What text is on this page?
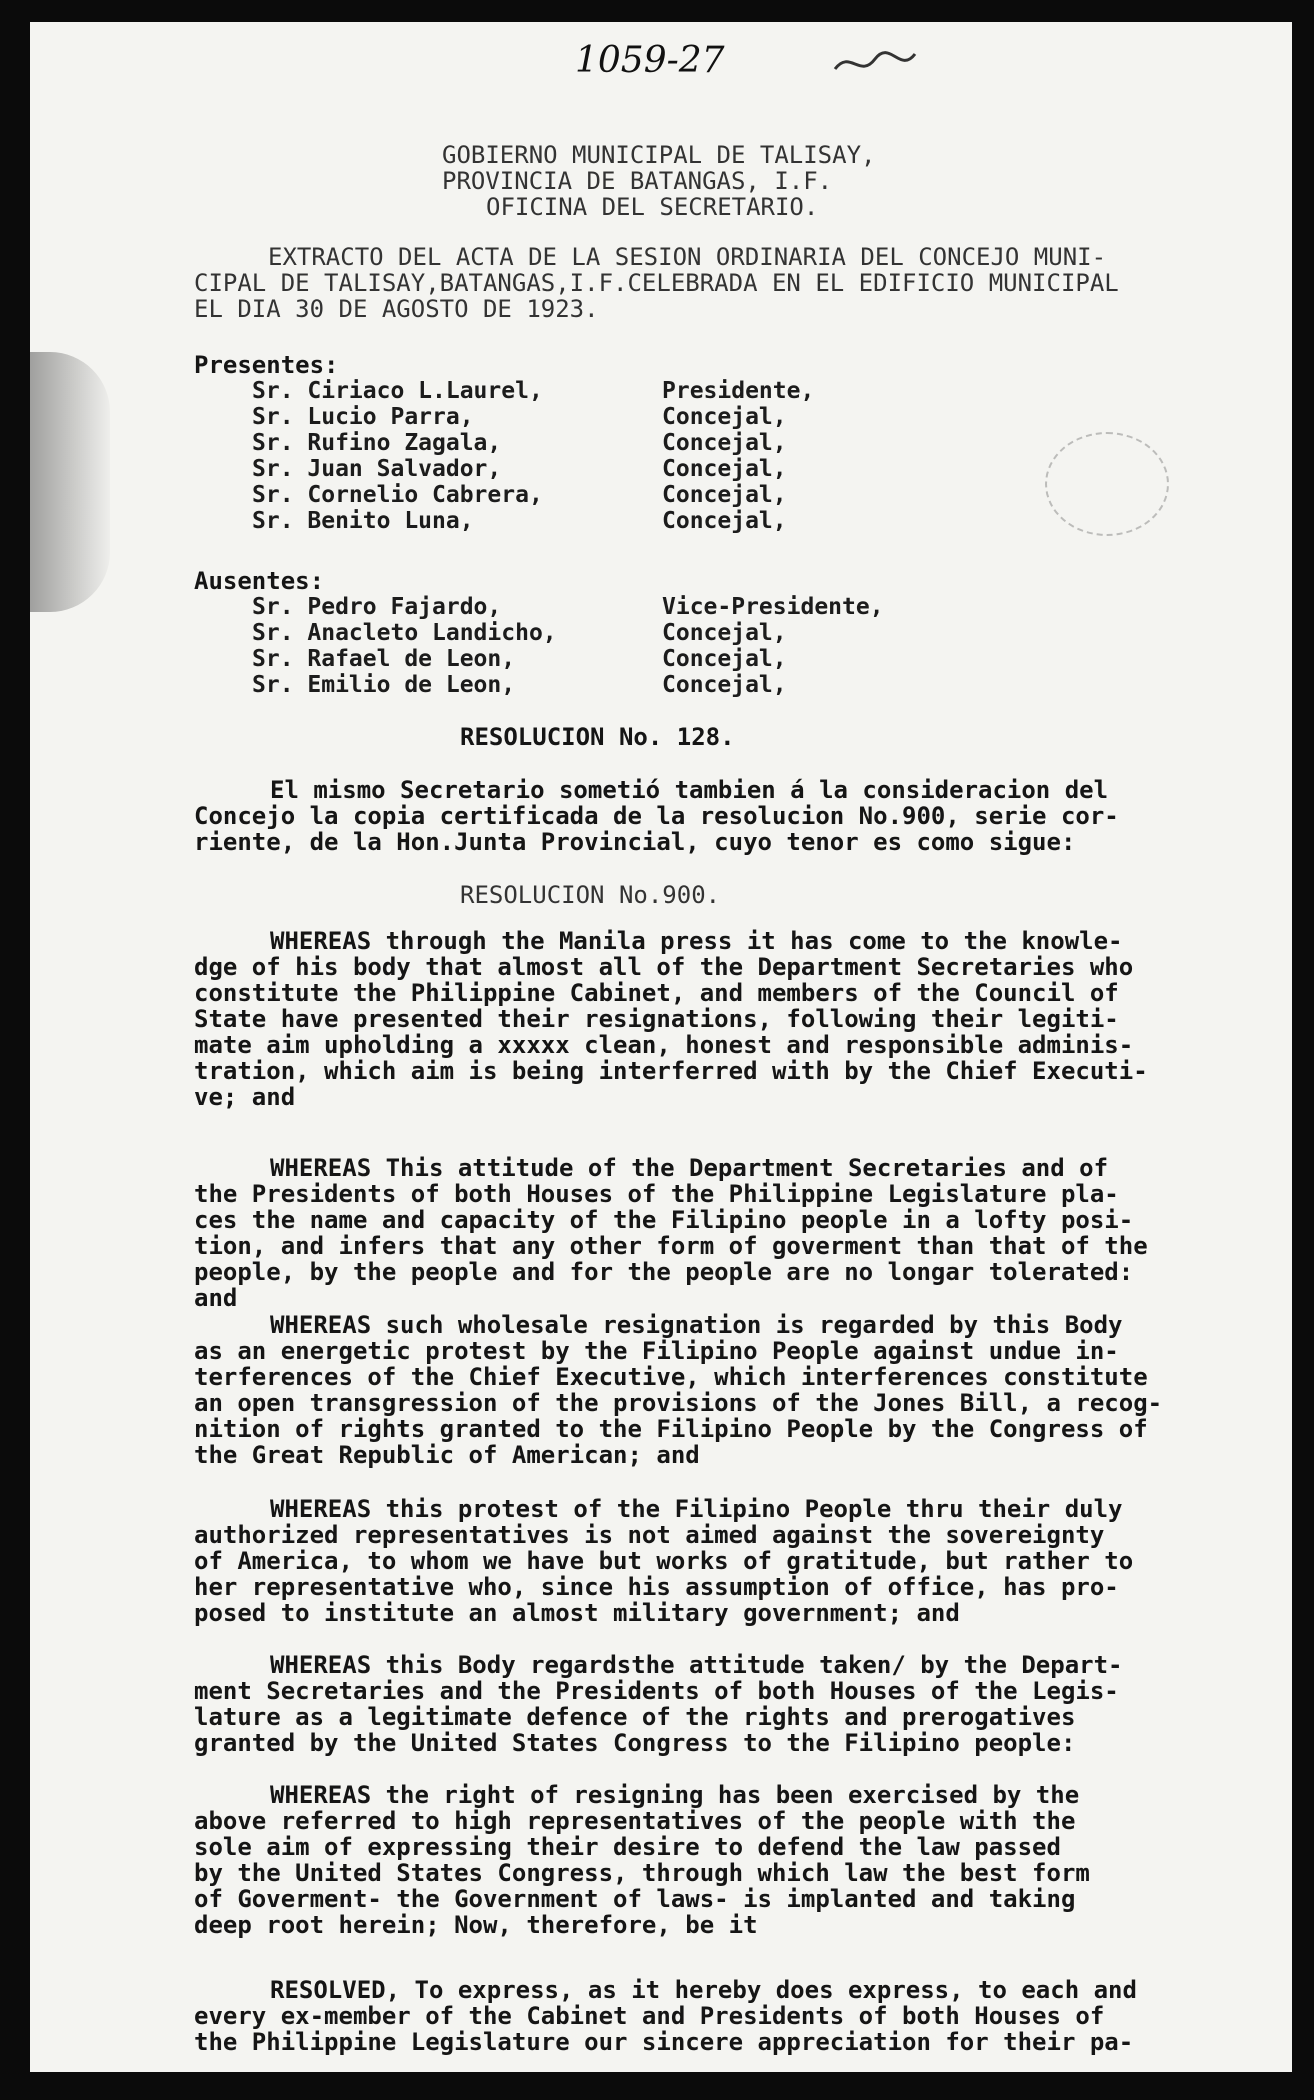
1059-27
GOBIERNO MUNICIPAL DE TALISAY,
PROVINCIA DE BATANGAS, I.F.
OFICINA DEL SECRETARIO.
EXTRACTO DEL ACTA DE LA SESION ORDINARIA DEL CONCEJO MUNI-
CIPAL DE TALISAY,BATANGAS,I.F.CELEBRADA EN EL EDIFICIO MUNICIPAL
EL DIA 30 DE AGOSTO DE 1923.
Presentes:
Sr. Ciriaco L.Laurel,	Presidente,
Sr. Lucio Parra,	Concejal,
Sr. Rufino Zagala,	Concejal,
Sr. Juan Salvador,	Concejal,
Sr. Cornelio Cabrera,	Concejal,
Sr. Benito Luna,	Concejal,
Ausentes:
Sr. Pedro Fajardo,	Vice-Presidente,
Sr. Anacleto Landicho,	Concejal,
Sr. Rafael de Leon,	Concejal,
Sr. Emilio de Leon,	Concejal,
RESOLUCION No. 128.
El mismo Secretario sometió tambien á la consideracion del
Concejo la copia certificada de la resolucion No.900, serie cor-
riente, de la Hon.Junta Provincial, cuyo tenor es como sigue:
RESOLUCION No.900.
WHEREAS through the Manila press it has come to the knowle-
dge of his body that almost all of the Department Secretaries who
constitute the Philippine Cabinet, and members of the Council of
State have presented their resignations, following their legiti-
mate aim upholding a xxxxx clean, honest and responsible adminis-
tration, which aim is being interferred with by the Chief Executi-
ve; and
WHEREAS This attitude of the Department Secretaries and of
the Presidents of both Houses of the Philippine Legislature pla-
ces the name and capacity of the Filipino people in a lofty posi-
tion, and infers that any other form of goverment than that of the
people, by the people and for the people are no longar tolerated:
and
WHEREAS such wholesale resignation is regarded by this Body
as an energetic protest by the Filipino People against undue in-
terferences of the Chief Executive, which interferences constitute
an open transgression of the provisions of the Jones Bill, a recog-
nition of rights granted to the Filipino People by the Congress of
the Great Republic of American; and
WHEREAS this protest of the Filipino People thru their duly
authorized representatives is not aimed against the sovereignty
of America, to whom we have but works of gratitude, but rather to
her representative who, since his assumption of office, has pro-
posed to institute an almost military government; and
WHEREAS this Body regardsthe attitude taken/ by the Depart-
ment Secretaries and the Presidents of both Houses of the Legis-
lature as a legitimate defence of the rights and prerogatives
granted by the United States Congress to the Filipino people:
WHEREAS the right of resigning has been exercised by the
above referred to high representatives of the people with the
sole aim of expressing their desire to defend the law passed
by the United States Congress, through which law the best form
of Goverment- the Government of laws- is implanted and taking
deep root herein; Now, therefore, be it
RESOLVED, To express, as it hereby does express, to each and
every ex-member of the Cabinet and Presidents of both Houses of
the Philippine Legislature our sincere appreciation for their pa-
